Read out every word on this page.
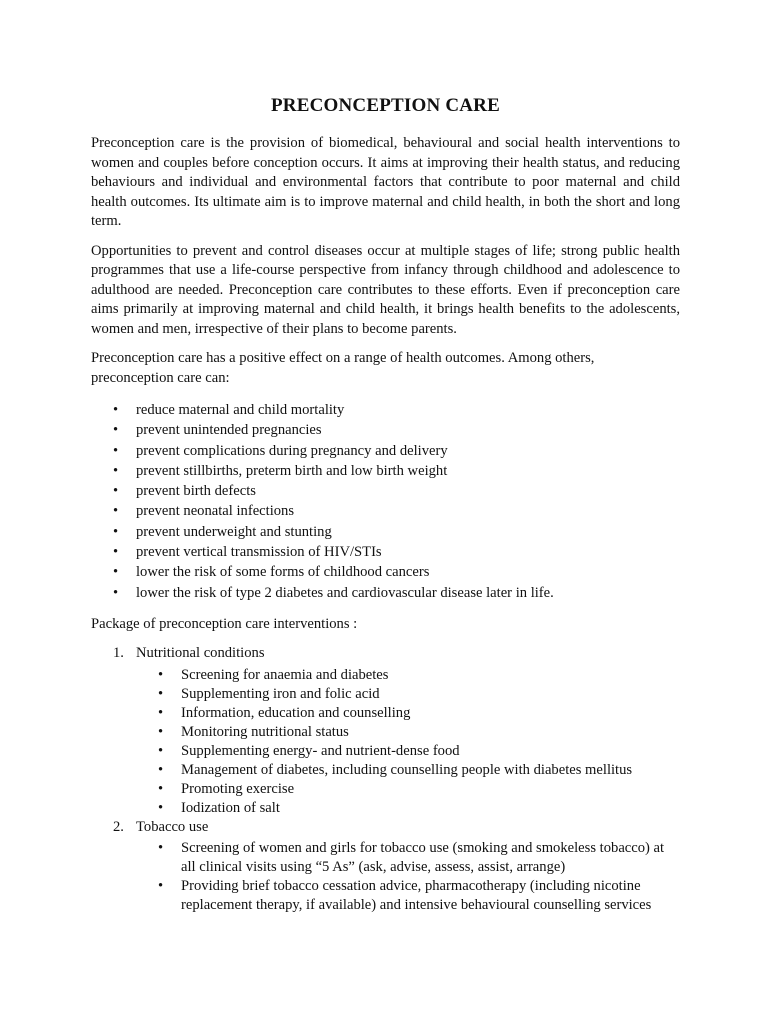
PRECONCEPTION CARE

Preconception care is the provision of biomedical, behavioural and social health interventions to women and couples before conception occurs. It aims at improving their health status, and reducing behaviours and individual and environmental factors that contribute to poor maternal and child health outcomes. Its ultimate aim is to improve maternal and child health, in both the short and long term.

Opportunities to prevent and control diseases occur at multiple stages of life; strong public health programmes that use a life-course perspective from infancy through childhood and adolescence to adulthood are needed. Preconception care contributes to these efforts. Even if preconception care aims primarily at improving maternal and child health, it brings health benefits to the adolescents, women and men, irrespective of their plans to become parents.

Preconception care has a positive effect on a range of health outcomes. Among others, preconception care can:

• reduce maternal and child mortality
• prevent unintended pregnancies
• prevent complications during pregnancy and delivery
• prevent stillbirths, preterm birth and low birth weight
• prevent birth defects
• prevent neonatal infections
• prevent underweight and stunting
• prevent vertical transmission of HIV/STIs
• lower the risk of some forms of childhood cancers
• lower the risk of type 2 diabetes and cardiovascular disease later in life.

Package of preconception care interventions :

1. Nutritional conditions
• Screening for anaemia and diabetes
• Supplementing iron and folic acid
• Information, education and counselling
• Monitoring nutritional status
• Supplementing energy- and nutrient-dense food
• Management of diabetes, including counselling people with diabetes mellitus
• Promoting exercise
• Iodization of salt
2. Tobacco use
• Screening of women and girls for tobacco use (smoking and smokeless tobacco) at all clinical visits using “5 As” (ask, advise, assess, assist, arrange)
• Providing brief tobacco cessation advice, pharmacotherapy (including nicotine replacement therapy, if available) and intensive behavioural counselling services
